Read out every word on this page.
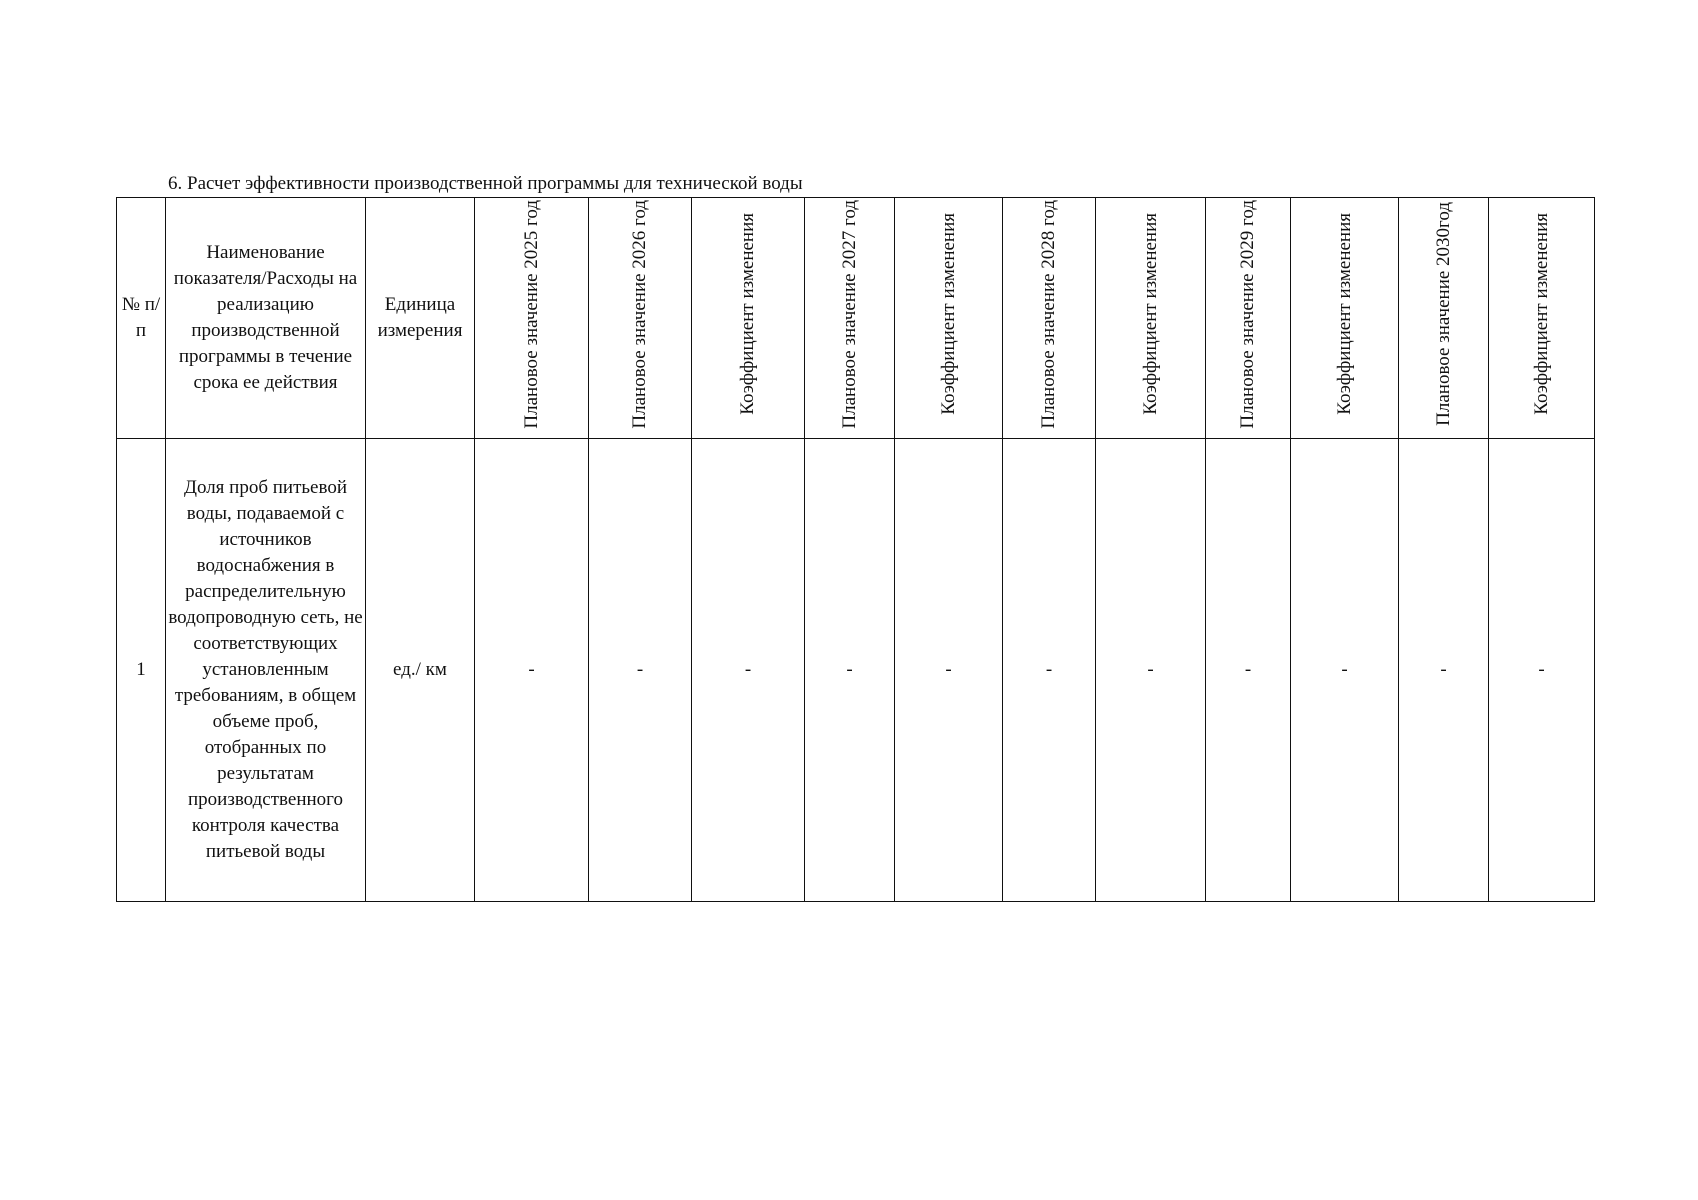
6. Расчет эффективности производственной программы для технической воды
№ п/п	Наименование показателя/Расходы на реализацию производственной программы в течение срока ее действия	Единица измерения	Плановое значение 2025 год	Плановое значение 2026 год	Коэффициент изменения	Плановое значение 2027 год	Коэффициент изменения	Плановое значение 2028 год	Коэффициент изменения	Плановое значение 2029 год	Коэффициент изменения	Плановое значение 2030год	Коэффициент изменения
1	Доля проб питьевой воды, подаваемой с источников водоснабжения в распределительную водопроводную сеть, не соответствующих установленным требованиям, в общем объеме проб, отобранных по результатам производственного контроля качества питьевой воды	ед./ км	-	-	-	-	-	-	-	-	-	-	-
